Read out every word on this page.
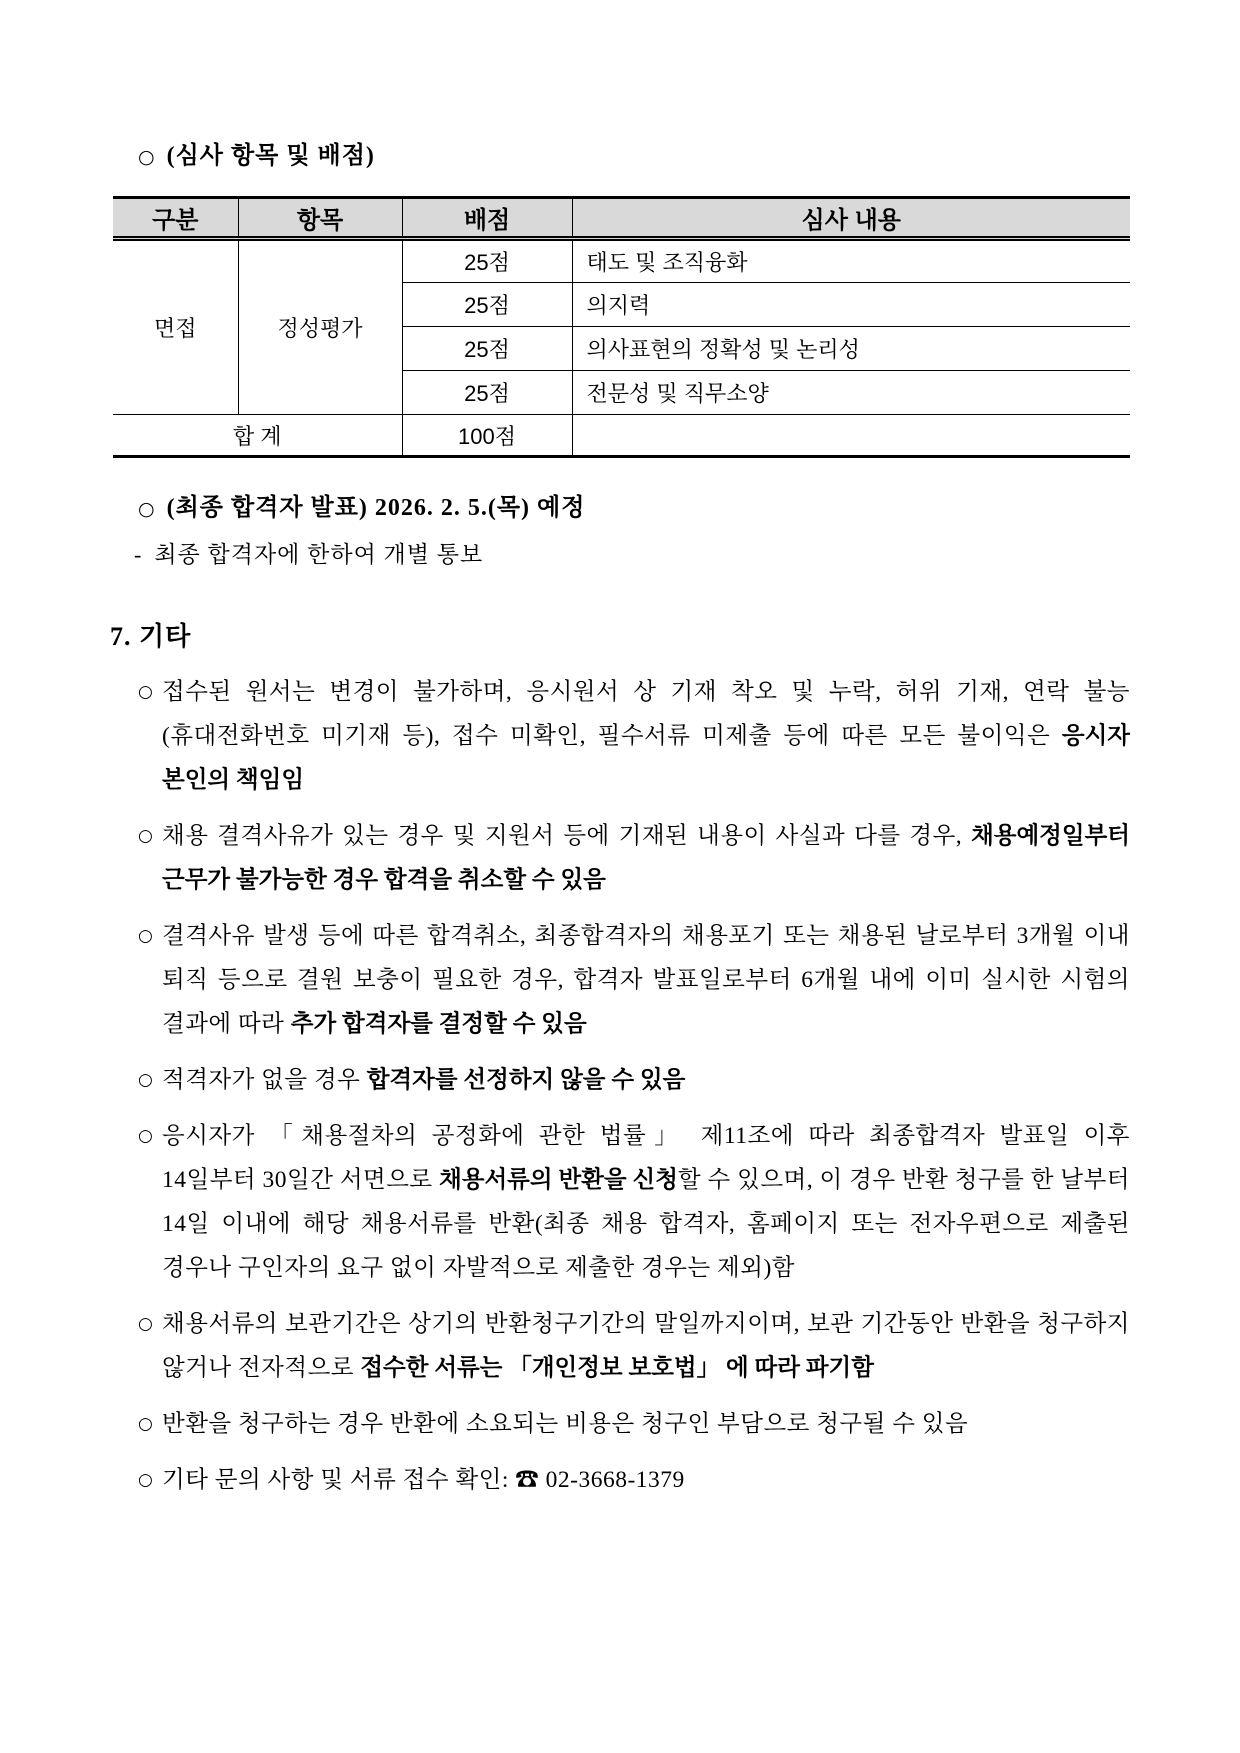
○ (심사 항목 및 배점)
구분	항목	배점	심사 내용
면접	정성평가	25점	태도 및 조직융화
		25점	의지력
		25점	의사표현의 정확성 및 논리성
		25점	전문성 및 직무소양
합 계		100점	
○ (최종 합격자 발표) 2026. 2. 5.(목) 예정
- 최종 합격자에 한하여 개별 통보
7. 기타
○ 접수된 원서는 변경이 불가하며, 응시원서 상 기재 착오 및 누락, 허위 기재, 연락 불능(휴대전화번호 미기재 등), 접수 미확인, 필수서류 미제출 등에 따른 모든 불이익은 응시자 본인의 책임임
○ 채용 결격사유가 있는 경우 및 지원서 등에 기재된 내용이 사실과 다를 경우, 채용예정일부터 근무가 불가능한 경우 합격을 취소할 수 있음
○ 결격사유 발생 등에 따른 합격취소, 최종합격자의 채용포기 또는 채용된 날로부터 3개월 이내 퇴직 등으로 결원 보충이 필요한 경우, 합격자 발표일로부터 6개월 내에 이미 실시한 시험의 결과에 따라 추가 합격자를 결정할 수 있음
○ 적격자가 없을 경우 합격자를 선정하지 않을 수 있음
○ 응시자가 「채용절차의 공정화에 관한 법률」 제11조에 따라 최종합격자 발표일 이후 14일부터 30일간 서면으로 채용서류의 반환을 신청할 수 있으며, 이 경우 반환 청구를 한 날부터 14일 이내에 해당 채용서류를 반환(최종 채용 합격자, 홈페이지 또는 전자우편으로 제출된 경우나 구인자의 요구 없이 자발적으로 제출한 경우는 제외)함
○ 채용서류의 보관기간은 상기의 반환청구기간의 말일까지이며, 보관 기간동안 반환을 청구하지 않거나 전자적으로 접수한 서류는 「개인정보 보호법」 에 따라 파기함
○ 반환을 청구하는 경우 반환에 소요되는 비용은 청구인 부담으로 청구될 수 있음
○ 기타 문의 사항 및 서류 접수 확인: ☎ 02-3668-1379
